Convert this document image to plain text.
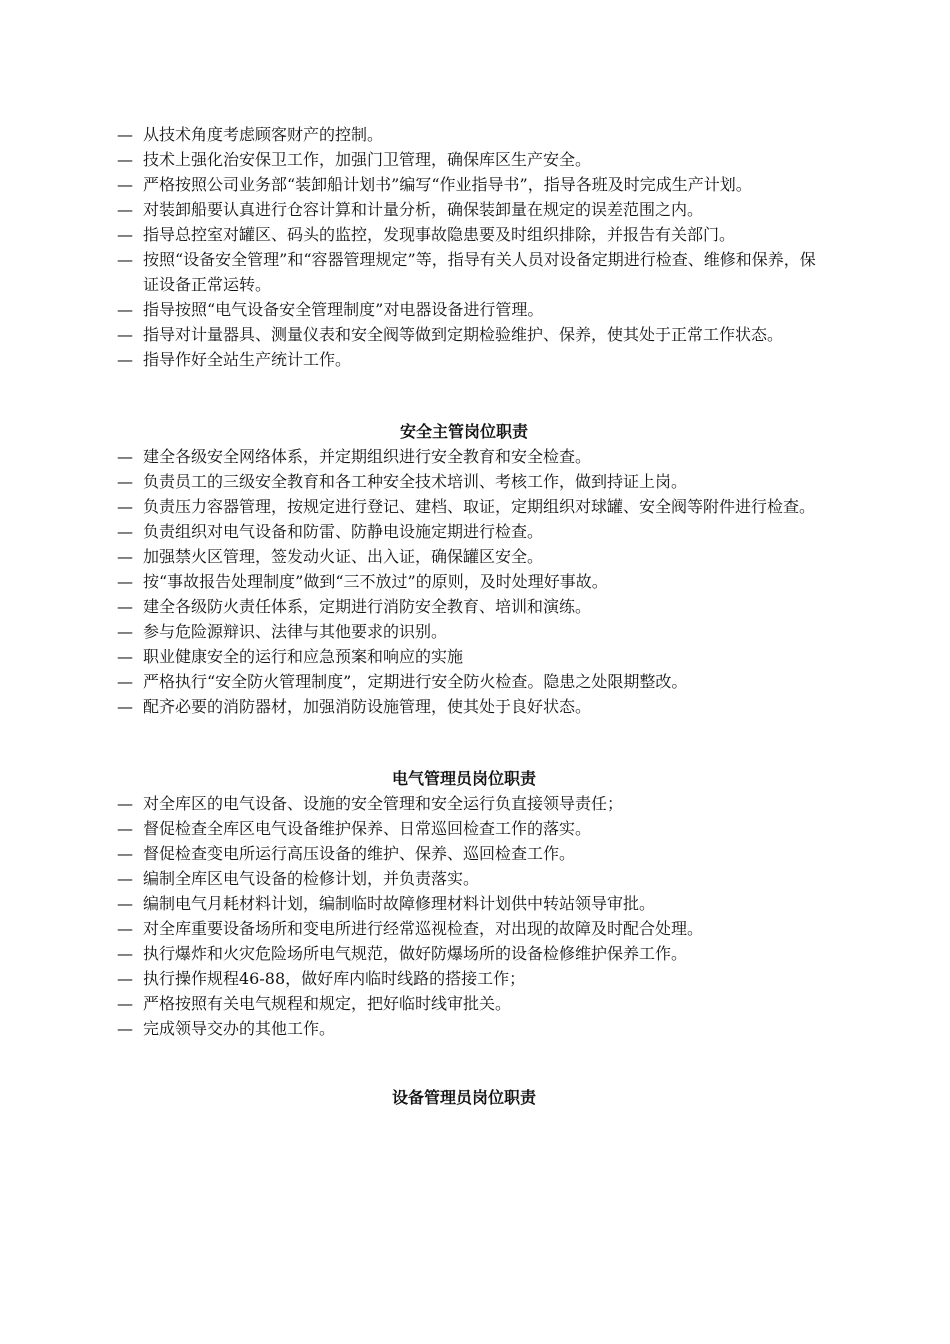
— 从技术角度考虑顾客财产的控制。
— 技术上强化治安保卫工作，加强门卫管理，确保库区生产安全。
— 严格按照公司业务部“装卸船计划书”编写“作业指导书”，指导各班及时完成生产计划。
— 对装卸船要认真进行仓容计算和计量分析，确保装卸量在规定的误差范围之内。
— 指导总控室对罐区、码头的监控，发现事故隐患要及时组织排除，并报告有关部门。
— 按照“设备安全管理”和“容器管理规定”等，指导有关人员对设备定期进行检查、维修和保养，保证设备正常运转。
— 指导按照“电气设备安全管理制度”对电器设备进行管理。
— 指导对计量器具、测量仪表和安全阀等做到定期检验维护、保养，使其处于正常工作状态。
— 指导作好全站生产统计工作。
安全主管岗位职责
— 建全各级安全网络体系，并定期组织进行安全教育和安全检查。
— 负责员工的三级安全教育和各工种安全技术培训、考核工作，做到持证上岗。
— 负责压力容器管理，按规定进行登记、建档、取证，定期组织对球罐、安全阀等附件进行检查。
— 负责组织对电气设备和防雷、防静电设施定期进行检查。
— 加强禁火区管理，签发动火证、出入证，确保罐区安全。
— 按“事故报告处理制度”做到“三不放过”的原则，及时处理好事故。
— 建全各级防火责任体系，定期进行消防安全教育、培训和演练。
— 参与危险源辩识、法律与其他要求的识别。
— 职业健康安全的运行和应急预案和响应的实施
— 严格执行“安全防火管理制度”，定期进行安全防火检查。隐患之处限期整改。
— 配齐必要的消防器材，加强消防设施管理，使其处于良好状态。
电气管理员岗位职责
— 对全库区的电气设备、设施的安全管理和安全运行负直接领导责任；
— 督促检查全库区电气设备维护保养、日常巡回检查工作的落实。
— 督促检查变电所运行高压设备的维护、保养、巡回检查工作。
— 编制全库区电气设备的检修计划，并负责落实。
— 编制电气月耗材料计划，编制临时故障修理材料计划供中转站领导审批。
— 对全库重要设备场所和变电所进行经常巡视检查，对出现的故障及时配合处理。
— 执行爆炸和火灾危险场所电气规范，做好防爆场所的设备检修维护保养工作。
— 执行操作规程46-88，做好库内临时线路的搭接工作；
— 严格按照有关电气规程和规定，把好临时线审批关。
— 完成领导交办的其他工作。
设备管理员岗位职责
